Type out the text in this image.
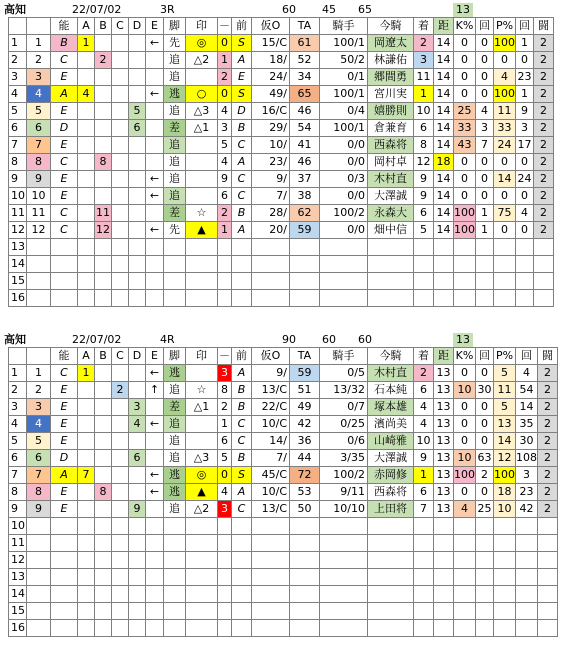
高知	22/07/02	3R	60 45 65	13
		能	A	B	C	D	E	脚	印	－	前	仮O	TA	騎手	今騎	着	距	K%	回	P%	回	闘
1	1	B	1				←	先	◎	0	S	15/C	61	100/1	岡遼太	2	14	0	0	100	1	2
2	2	C		2				追	△2	1	A	18/	52	50/2	林謙佑	3	14	0	0	0	0	2
3	3	E						追		2	E	24/	34	0/1	郷間勇	11	14	0	0	4	23	2
4	4	A	4				←	逃	○	0	S	49/	65	100/1	宮川実	1	14	0	0	100	1	2
5	5	E				5		追	△3	4	D	16/C	46	0/4	嬉勝則	10	14	25	4	11	9	2
6	6	D				6		差	△1	3	B	29/	54	100/1	倉兼育	6	14	33	3	33	3	2
7	7	E						追		5	C	10/	41	0/0	西森将	8	14	43	7	24	17	2
8	8	C		8				追		4	A	23/	46	0/0	岡村卓	12	18	0	0	0	0	2
9	9	E					←	追		9	C	9/	37	0/3	木村直	9	14	0	0	14	24	2
10	10	E					←	追		6	C	7/	38	0/0	大澤誠	9	14	0	0	0	0	2
11	11	C		11				差	☆	2	B	28/	62	100/2	永森大	6	14	100	1	75	4	2
12	12	C		12			←	先	▲	1	A	20/	59	0/0	畑中信	5	14	100	1	0	0	2
13																						
14																						
15																						
16																						
高知	22/07/02	4R	90 60 60	13
		能	A	B	C	D	E	脚	印	－	前	仮O	TA	騎手	今騎	着	距	K%	回	P%	回	闘
1	1	C	1				←	逃		3	A	9/	59	0/5	木村直	2	13	0	0	5	4	2
2	2	E			2		↑	追	☆	8	B	13/C	51	13/32	石本純	6	13	10	30	11	54	2
3	3	E				3		差	△1	2	B	22/C	49	0/7	塚本雄	4	13	0	0	5	14	2
4	4	E				4	←	追		1	C	10/C	42	0/25	濱尚美	4	13	0	0	13	35	2
5	5	E						追		6	C	14/	36	0/6	山崎雅	10	13	0	0	14	30	2
6	6	D				6		追	△3	5	B	7/	44	3/35	大澤誠	9	13	10	63	12	108	2
7	7	A	7				←	逃	◎	0	S	45/C	72	100/2	赤岡修	1	13	100	2	100	3	2
8	8	E		8			←	逃	▲	4	A	10/C	53	9/11	西森将	6	13	0	0	18	23	2
9	9	E				9		追	△2	3	C	13/C	50	10/10	上田将	7	13	4	25	10	42	2
10																						
11																						
12																						
13																						
14																						
15																						
16																						
